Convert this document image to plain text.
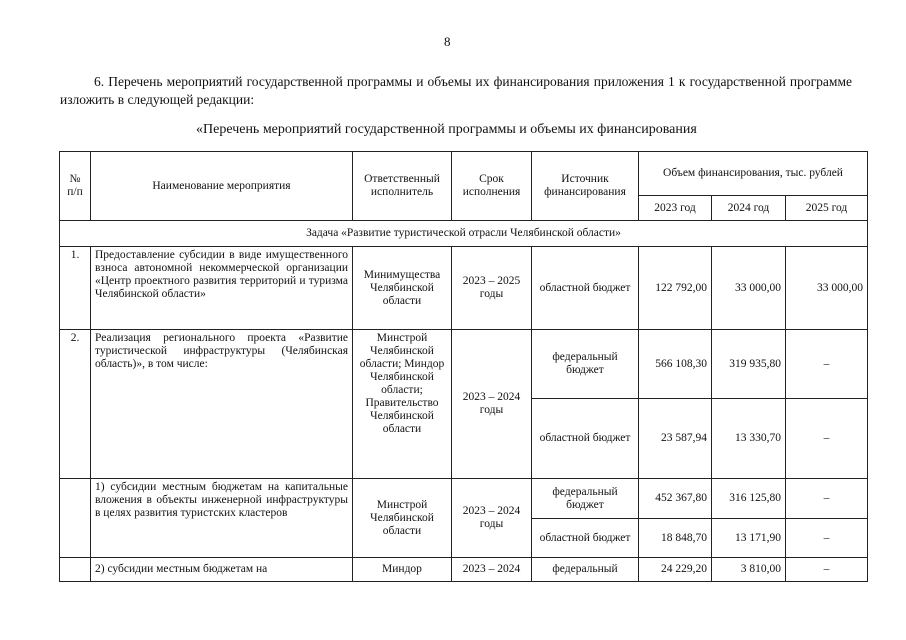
8
6. Перечень мероприятий государственной программы и объемы их финансирования приложения 1 к государственной программе изложить в следующей редакции:
«Перечень мероприятий государственной программы и объемы их финансирования
№ п/п	Наименование мероприятия	Ответственный исполнитель	Срок исполнения	Источник финансирования	Объем финансирования, тыс. рублей		
					2023 год	2024 год	2025 год
Задача «Развитие туристической отрасли Челябинской области»							
1.	Предоставление субсидии в виде имущественного взноса автономной некоммерческой организации «Центр проектного развития территорий и туризма Челябинской области»	Минимущества Челябинской области	2023 – 2025 годы	областной бюджет	122 792,00	33 000,00	33 000,00
2.	Реализация регионального проекта «Развитие туристической инфраструктуры (Челябинская область)», в том числе:	Минстрой Челябинской области; Миндор Челябинской области; Правительство Челябинской области	2023 – 2024 годы	федеральный бюджет	566 108,30	319 935,80	–
				областной бюджет	23 587,94	13 330,70	–
	1) субсидии местным бюджетам на капитальные вложения в объекты инженерной инфраструктуры в целях развития туристских кластеров	Минстрой Челябинской области	2023 – 2024 годы	федеральный бюджет	452 367,80	316 125,80	–
				областной бюджет	18 848,70	13 171,90	–
	2) субсидии местным бюджетам на	Миндор	2023 – 2024	федеральный	24 229,20	3 810,00	–
